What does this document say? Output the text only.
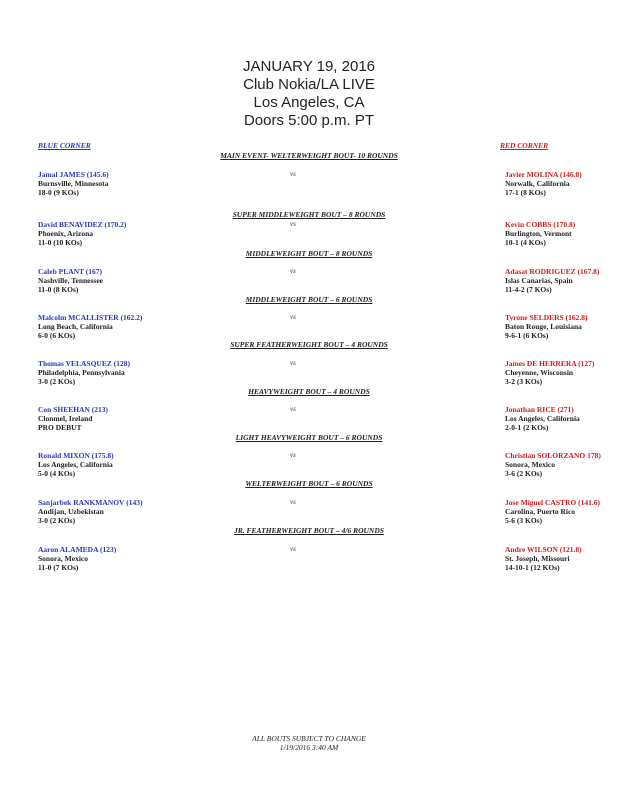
JANUARY 19, 2016
Club Nokia/LA LIVE
Los Angeles, CA
Doors 5:00 p.m. PT
BLUE CORNER	RED CORNER
MAIN EVENT- WELTERWEIGHT BOUT- 10 ROUNDS
Jamal JAMES (145.6)
Burnsville, Minnesota
18-0 (9 KOs)
vs	Javier MOLINA (146.8)
Norwalk, California
17-1 (8 KOs)
SUPER MIDDLEWEIGHT BOUT – 8 ROUNDS
David BENAVIDEZ (170.2)
Phoenix, Arizona
11-0 (10 KOs)
vs	Kevin COBBS (170.8)
Burlington, Vermont
10-1 (4 KOs)
MIDDLEWEIGHT BOUT – 8 ROUNDS
Caleb PLANT (167)
Nashville, Tennessee
11-0 (8 KOs)
vs	Adasat RODRIGUEZ (167.8)
Islas Canarias, Spain
11-4-2 (7 KOs)
MIDDLEWEIGHT BOUT – 6 ROUNDS
Malcolm MCALLISTER (162.2)
Long Beach, California
6-0 (6 KOs)
vs	Tyrone SELDERS (162.8)
Baton Rouge, Louisiana
9-6-1 (6 KOs)
SUPER FEATHERWEIGHT BOUT – 4 ROUNDS
Thomas VELASQUEZ (128)
Philadelphia, Pennsylvania
3-0 (2 KOs)
vs	James DE HERRERA (127)
Cheyenne, Wisconsin
3-2 (3 KOs)
HEAVYWEIGHT BOUT – 4 ROUNDS
Con SHEEHAN (213)
Clonmel, Ireland
PRO DEBUT
vs	Jonathan RICE (271)
Los Angeles, California
2-0-1 (2 KOs)
LIGHT HEAVYWEIGHT BOUT – 6 ROUNDS
Ronald MIXON (175.8)
Los Angeles, California
5-0 (4 KOs)
vs	Christian SOLORZANO 178)
Sonora, Mexico
3-6 (2 KOs)
WELTERWEIGHT BOUT – 6 ROUNDS
Sanjarbek RANKMANOV (143)
Andijan, Uzbekistan
3-0 (2 KOs)
vs	Jose Miguel CASTRO (141.6)
Carolina, Puerto Rico
5-6 (3 KOs)
JR. FEATHERWEIGHT BOUT – 4/6 ROUNDS
Aaron ALAMEDA (123)
Sonora, Mexico
11-0 (7 KOs)
vs	Andre WILSON (121.8)
St. Joseph, Missouri
14-10-1 (12 KOs)
ALL BOUTS SUBJECT TO CHANGE
1/19/2016 3:40 AM
